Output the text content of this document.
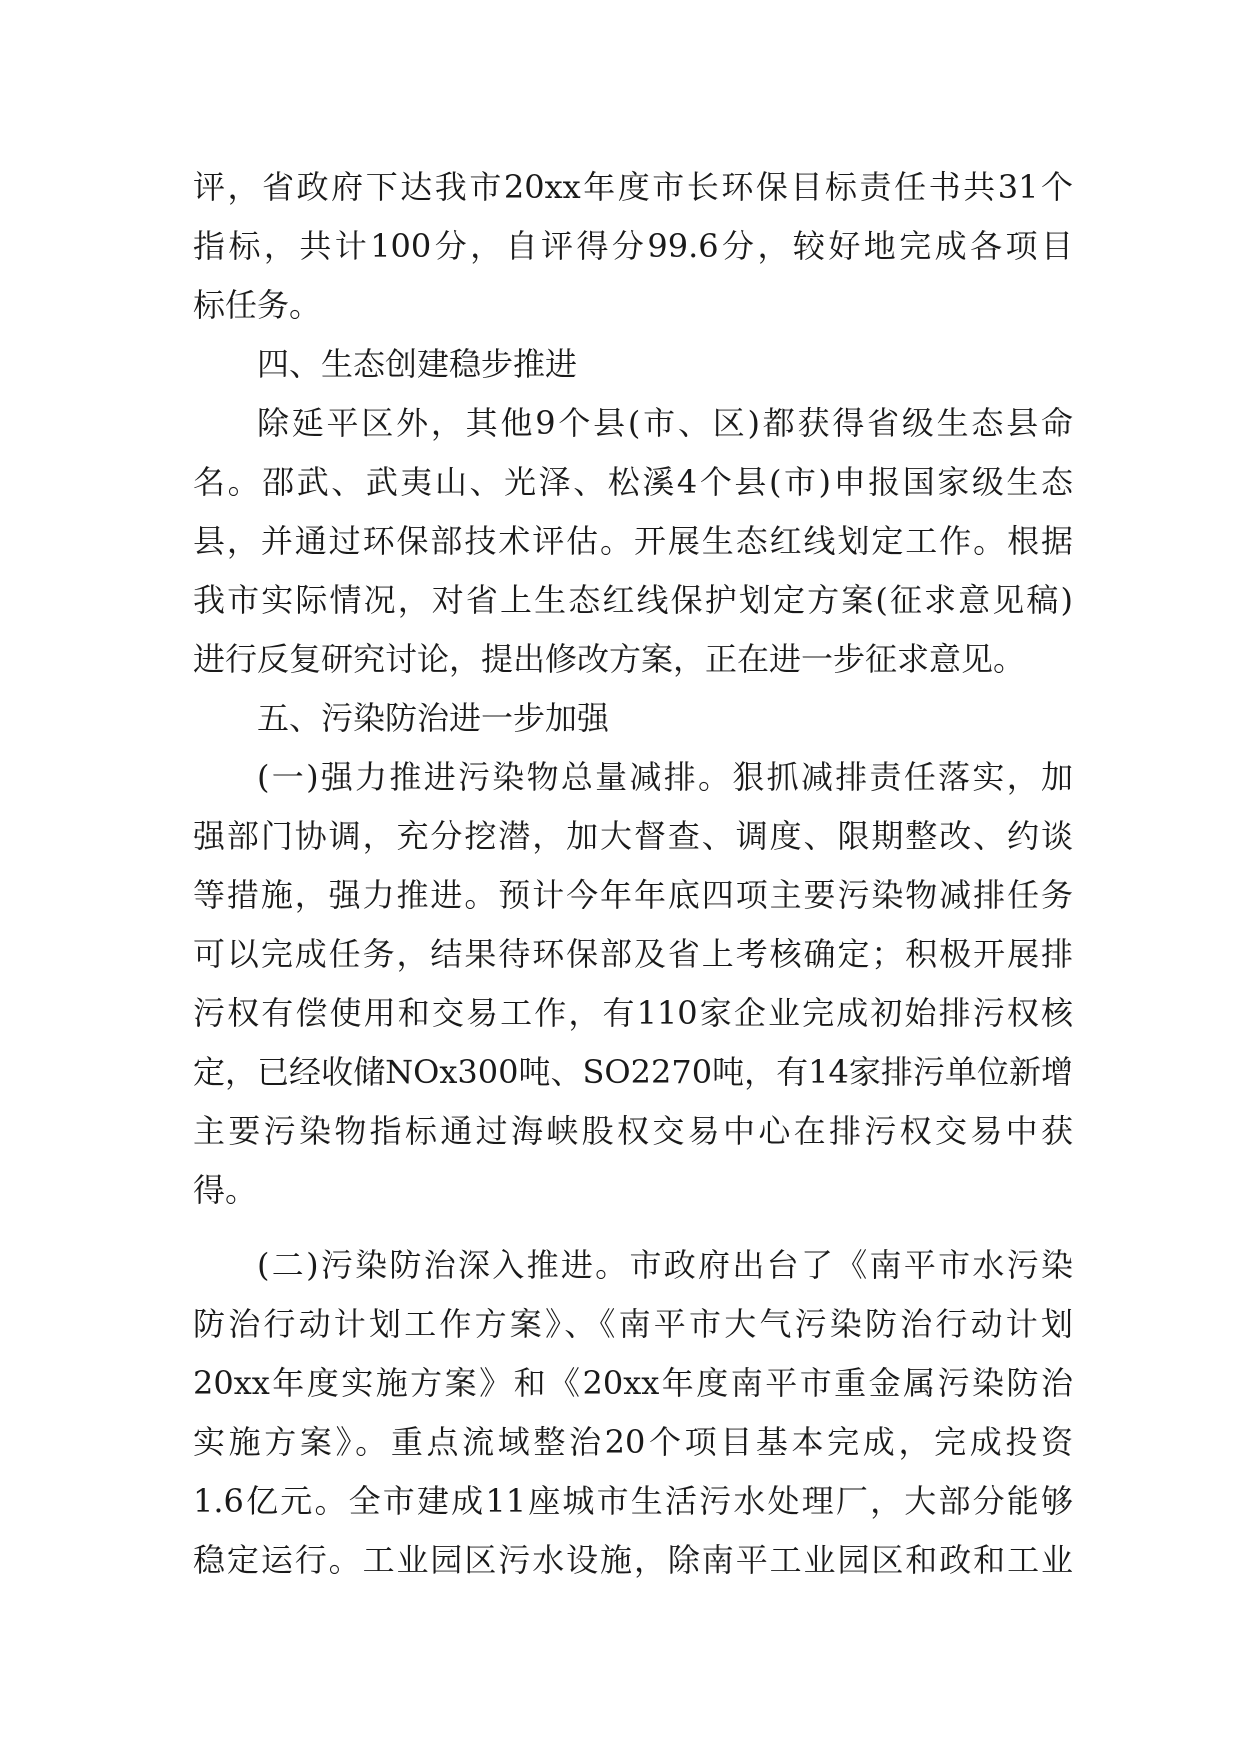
评，省政府下达我市20xx年度市长环保目标责任书共31个
指标，共计100分，自评得分99.6分，较好地完成各项目
标任务。
四、生态创建稳步推进
除延平区外，其他9个县(市、区)都获得省级生态县命
名。邵武、武夷山、光泽、松溪4个县(市)申报国家级生态
县，并通过环保部技术评估。开展生态红线划定工作。根据
我市实际情况，对省上生态红线保护划定方案(征求意见稿)
进行反复研究讨论，提出修改方案，正在进一步征求意见。
五、污染防治进一步加强
(一)强力推进污染物总量减排。狠抓减排责任落实，加
强部门协调，充分挖潜，加大督查、调度、限期整改、约谈
等措施，强力推进。预计今年年底四项主要污染物减排任务
可以完成任务，结果待环保部及省上考核确定；积极开展排
污权有偿使用和交易工作，有110家企业完成初始排污权核
定，已经收储NOx300吨、SO2270吨，有14家排污单位新增
主要污染物指标通过海峡股权交易中心在排污权交易中获
得。
(二)污染防治深入推进。市政府出台了《南平市水污染
防治行动计划工作方案》、《南平市大气污染防治行动计划
20xx年度实施方案》和《20xx年度南平市重金属污染防治
实施方案》。重点流域整治20个项目基本完成，完成投资
1.6亿元。全市建成11座城市生活污水处理厂，大部分能够
稳定运行。工业园区污水设施，除南平工业园区和政和工业
